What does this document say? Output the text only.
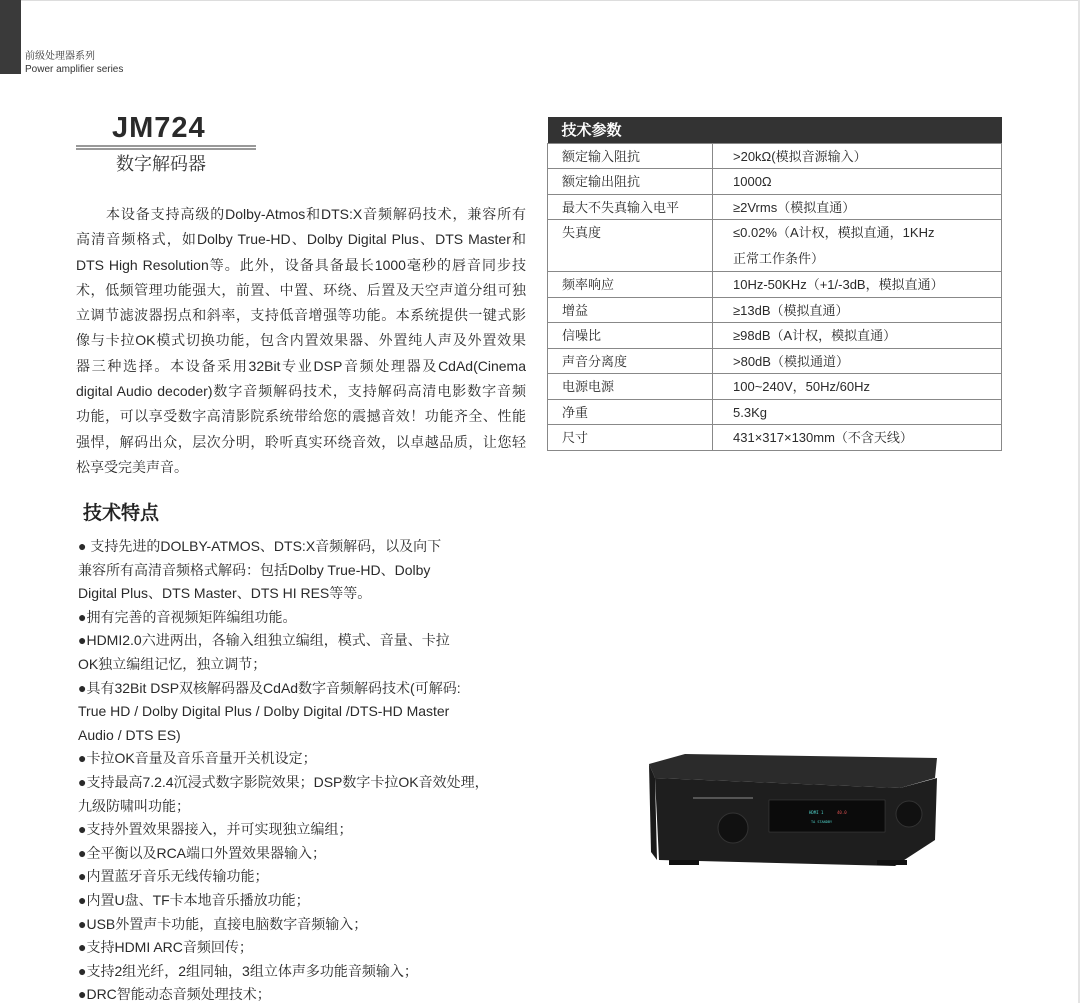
前级处理器系列
Power amplifier series
JM724
数字解码器
本设备支持高级的Dolby-Atmos和DTS:X音频解码技术，兼容所有
高清音频格式，如Dolby True-HD、Dolby Digital Plus、DTS Master和
DTS High Resolution等。此外，设备具备最长1000毫秒的唇音同步技
术，低频管理功能强大，前置、中置、环绕、后置及天空声道分组可独
立调节滤波器拐点和斜率，支持低音增强等功能。本系统提供一键式影
像与卡拉OK模式切换功能，包含内置效果器、外置纯人声及外置效果
器三种选择。本设备采用32Bit专业DSP音频处理器及CdAd(Cinema
digital Audio decoder)数字音频解码技术，支持解码高清电影数字音频
功能，可以享受数字高清影院系统带给您的震撼音效！功能齐全、性能
强悍，解码出众，层次分明，聆听真实环绕音效，以卓越品质，让您轻
松享受完美声音。
技术特点
● 支持先进的DOLBY-ATMOS、DTS:X音频解码，以及向下
兼容所有高清音频格式解码：包括Dolby True-HD、Dolby
Digital Plus、DTS Master、DTS HI RES等等。
●拥有完善的音视频矩阵编组功能。
●HDMI2.0六进两出，各输入组独立编组，模式、音量、卡拉
OK独立编组记忆，独立调节；
●具有32Bit DSP双核解码器及CdAd数字音频解码技术(可解码:
True HD / Dolby Digital Plus / Dolby Digital /DTS-HD Master
Audio / DTS ES)
●卡拉OK音量及音乐音量开关机设定；
●支持最高7.2.4沉浸式数字影院效果；DSP数字卡拉OK音效处理，
九级防啸叫功能；
●支持外置效果器接入，并可实现独立编组；
●全平衡以及RCA端口外置效果器输入；
●内置蓝牙音乐无线传输功能；
●内置U盘、TF卡本地音乐播放功能；
●USB外置声卡功能，直接电脑数字音频输入；
●支持HDMI ARC音频回传；
●支持2组光纤，2组同轴，3组立体声多功能音频输入；
●DRC智能动态音频处理技术；
技术参数	
额定输入阻抗	>20kΩ(模拟音源输入）
额定输出阻抗	1000Ω
最大不失真输入电平	≥2Vrms（模拟直通）
失真度	≤0.02%（A计权，模拟直通，1KHz
正常工作条件）

频率响应	10Hz-50KHz（+1/-3dB，模拟直通）
增益	≥13dB（模拟直通）
信噪比	≥98dB（A计权，模拟直通）
声音分离度	>80dB（模拟通道）
电源电源	100~240V，50Hz/60Hz
净重	5.3Kg
尺寸	431×317×130mm（不含天线）
HDMI 1	40.0
TA STANDBY
